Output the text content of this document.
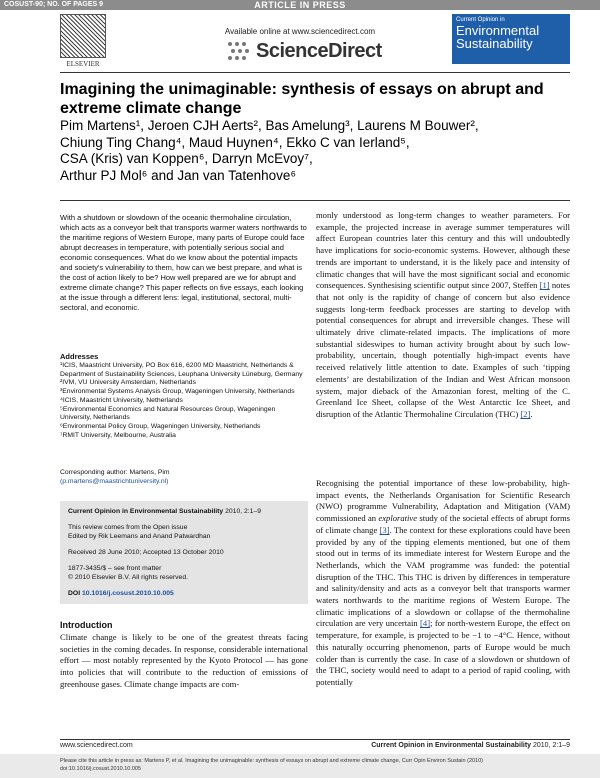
COSUST-90; NO. OF PAGES 9	ARTICLE IN PRESS
ELSEVIER
Available online at www.sciencedirect.com
ScienceDirect
Current Opinion in
Environmental
Sustainability
Imagining the unimaginable: synthesis of essays on abrupt and extreme climate change
Pim Martens¹, Jeroen CJH Aerts², Bas Amelung³, Laurens M Bouwer²,
Chiung Ting Chang⁴, Maud Huynen⁴, Ekko C van Ierland⁵,
CSA (Kris) van Koppen⁶, Darryn McEvoy⁷,
Arthur PJ Mol⁶ and Jan van Tatenhove⁶

With a shutdown or slowdown of the oceanic thermohaline circulation, which acts as a conveyor belt that transports warmer waters northwards to the maritime regions of Western Europe, many parts of Europe could face abrupt decreases in temperature, with potentially serious social and economic consequences. What do we know about the potential impacts and society's vulnerability to them, how can we best prepare, and what is the cost of action likely to be? How well prepared are we for abrupt and extreme climate change? This paper reflects on five essays, each looking at the issue through a different lens: legal, institutional, sectoral, multi-sectoral, and economic.

Addresses
¹ICIS, Maastricht University, PO Box 616, 6200 MD Maastricht, Netherlands & Department of Sustainability Sciences, Leuphana University Lüneburg, Germany
²IVM, VU University Amsterdam, Netherlands
³Environmental Systems Analysis Group, Wageningen University, Netherlands
⁴ICIS, Maastricht University, Netherlands
⁵Environmental Economics and Natural Resources Group, Wageningen University, Netherlands
⁶Environmental Policy Group, Wageningen University, Netherlands
⁷RMIT University, Melbourne, Australia
Corresponding author: Martens, Pim
(p.martens@maastrichtuniversity.nl)
Current Opinion in Environmental Sustainability 2010, 2:1–9
This review comes from the Open issue
Edited by Rik Leemans and Anand Patwardhan
Received 28 June 2010; Accepted 13 October 2010
1877-3435/$ – see front matter
© 2010 Elsevier B.V. All rights reserved.
DOI 10.1016/j.cosust.2010.10.005
Introduction

Climate change is likely to be one of the greatest threats facing societies in the coming decades. In response, considerable international effort — most notably represented by the Kyoto Protocol — has gone into policies that will contribute to the reduction of emissions of greenhouse gases. Climate change impacts are com-

monly understood as long-term changes to weather parameters. For example, the projected increase in average summer temperatures will affect European countries later this century and this will undoubtedly have implications for socio-economic systems. However, although these trends are important to understand, it is the likely pace and intensity of climatic changes that will have the most significant social and economic consequences. Synthesising scientific output since 2007, Steffen [1] notes that not only is the rapidity of change of concern but also evidence suggests long-term feedback processes are starting to develop with potential consequences for abrupt and irreversible changes. These will ultimately drive climate-related impacts. The implications of more substantial sideswipes to human activity brought about by such low-probability, uncertain, though potentially high-impact events have received relatively little attention to date. Examples of such ‘tipping elements’ are destabilization of the Indian and West African monsoon system, major dieback of the Amazonian forest, melting of the C. Greenland Ice Sheet, collapse of the West Antarctic Ice Sheet, and disruption of the Atlantic Thermohaline Circulation (THC) [2].

Recognising the potential importance of these low-probability, high-impact events, the Netherlands Organisation for Scientific Research (NWO) programme Vulnerability, Adaptation and Mitigation (VAM) commissioned an explorative study of the societal effects of abrupt forms of climate change [3]. The context for these explorations could have been provided by any of the tipping elements mentioned, but one of them stood out in terms of its immediate interest for Western Europe and the Netherlands, which the VAM programme was funded: the potential disruption of the THC. This THC is driven by differences in temperature and salinity/density and acts as a conveyor belt that transports warmer waters northwards to the maritime regions of Western Europe. The climatic implications of a slowdown or collapse of the thermohaline circulation are very uncertain [4]; for north-western Europe, the effect on temperature, for example, is projected to be −1 to −4°C. Hence, without this naturally occurring phenomenon, parts of Europe would be much colder than is currently the case. In case of a slowdown or shutdown of the THC, society would need to adapt to a period of rapid cooling, with potentially

www.sciencedirect.com	Current Opinion in Environmental Sustainability 2010, 2:1–9
Please cite this article in press as: Martens P, et al. Imagining the unimaginable: synthesis of essays on abrupt and extreme climate change, Curr Opin Environ Sustain (2010) doi:10.1016/j.cosust.2010.10.005
